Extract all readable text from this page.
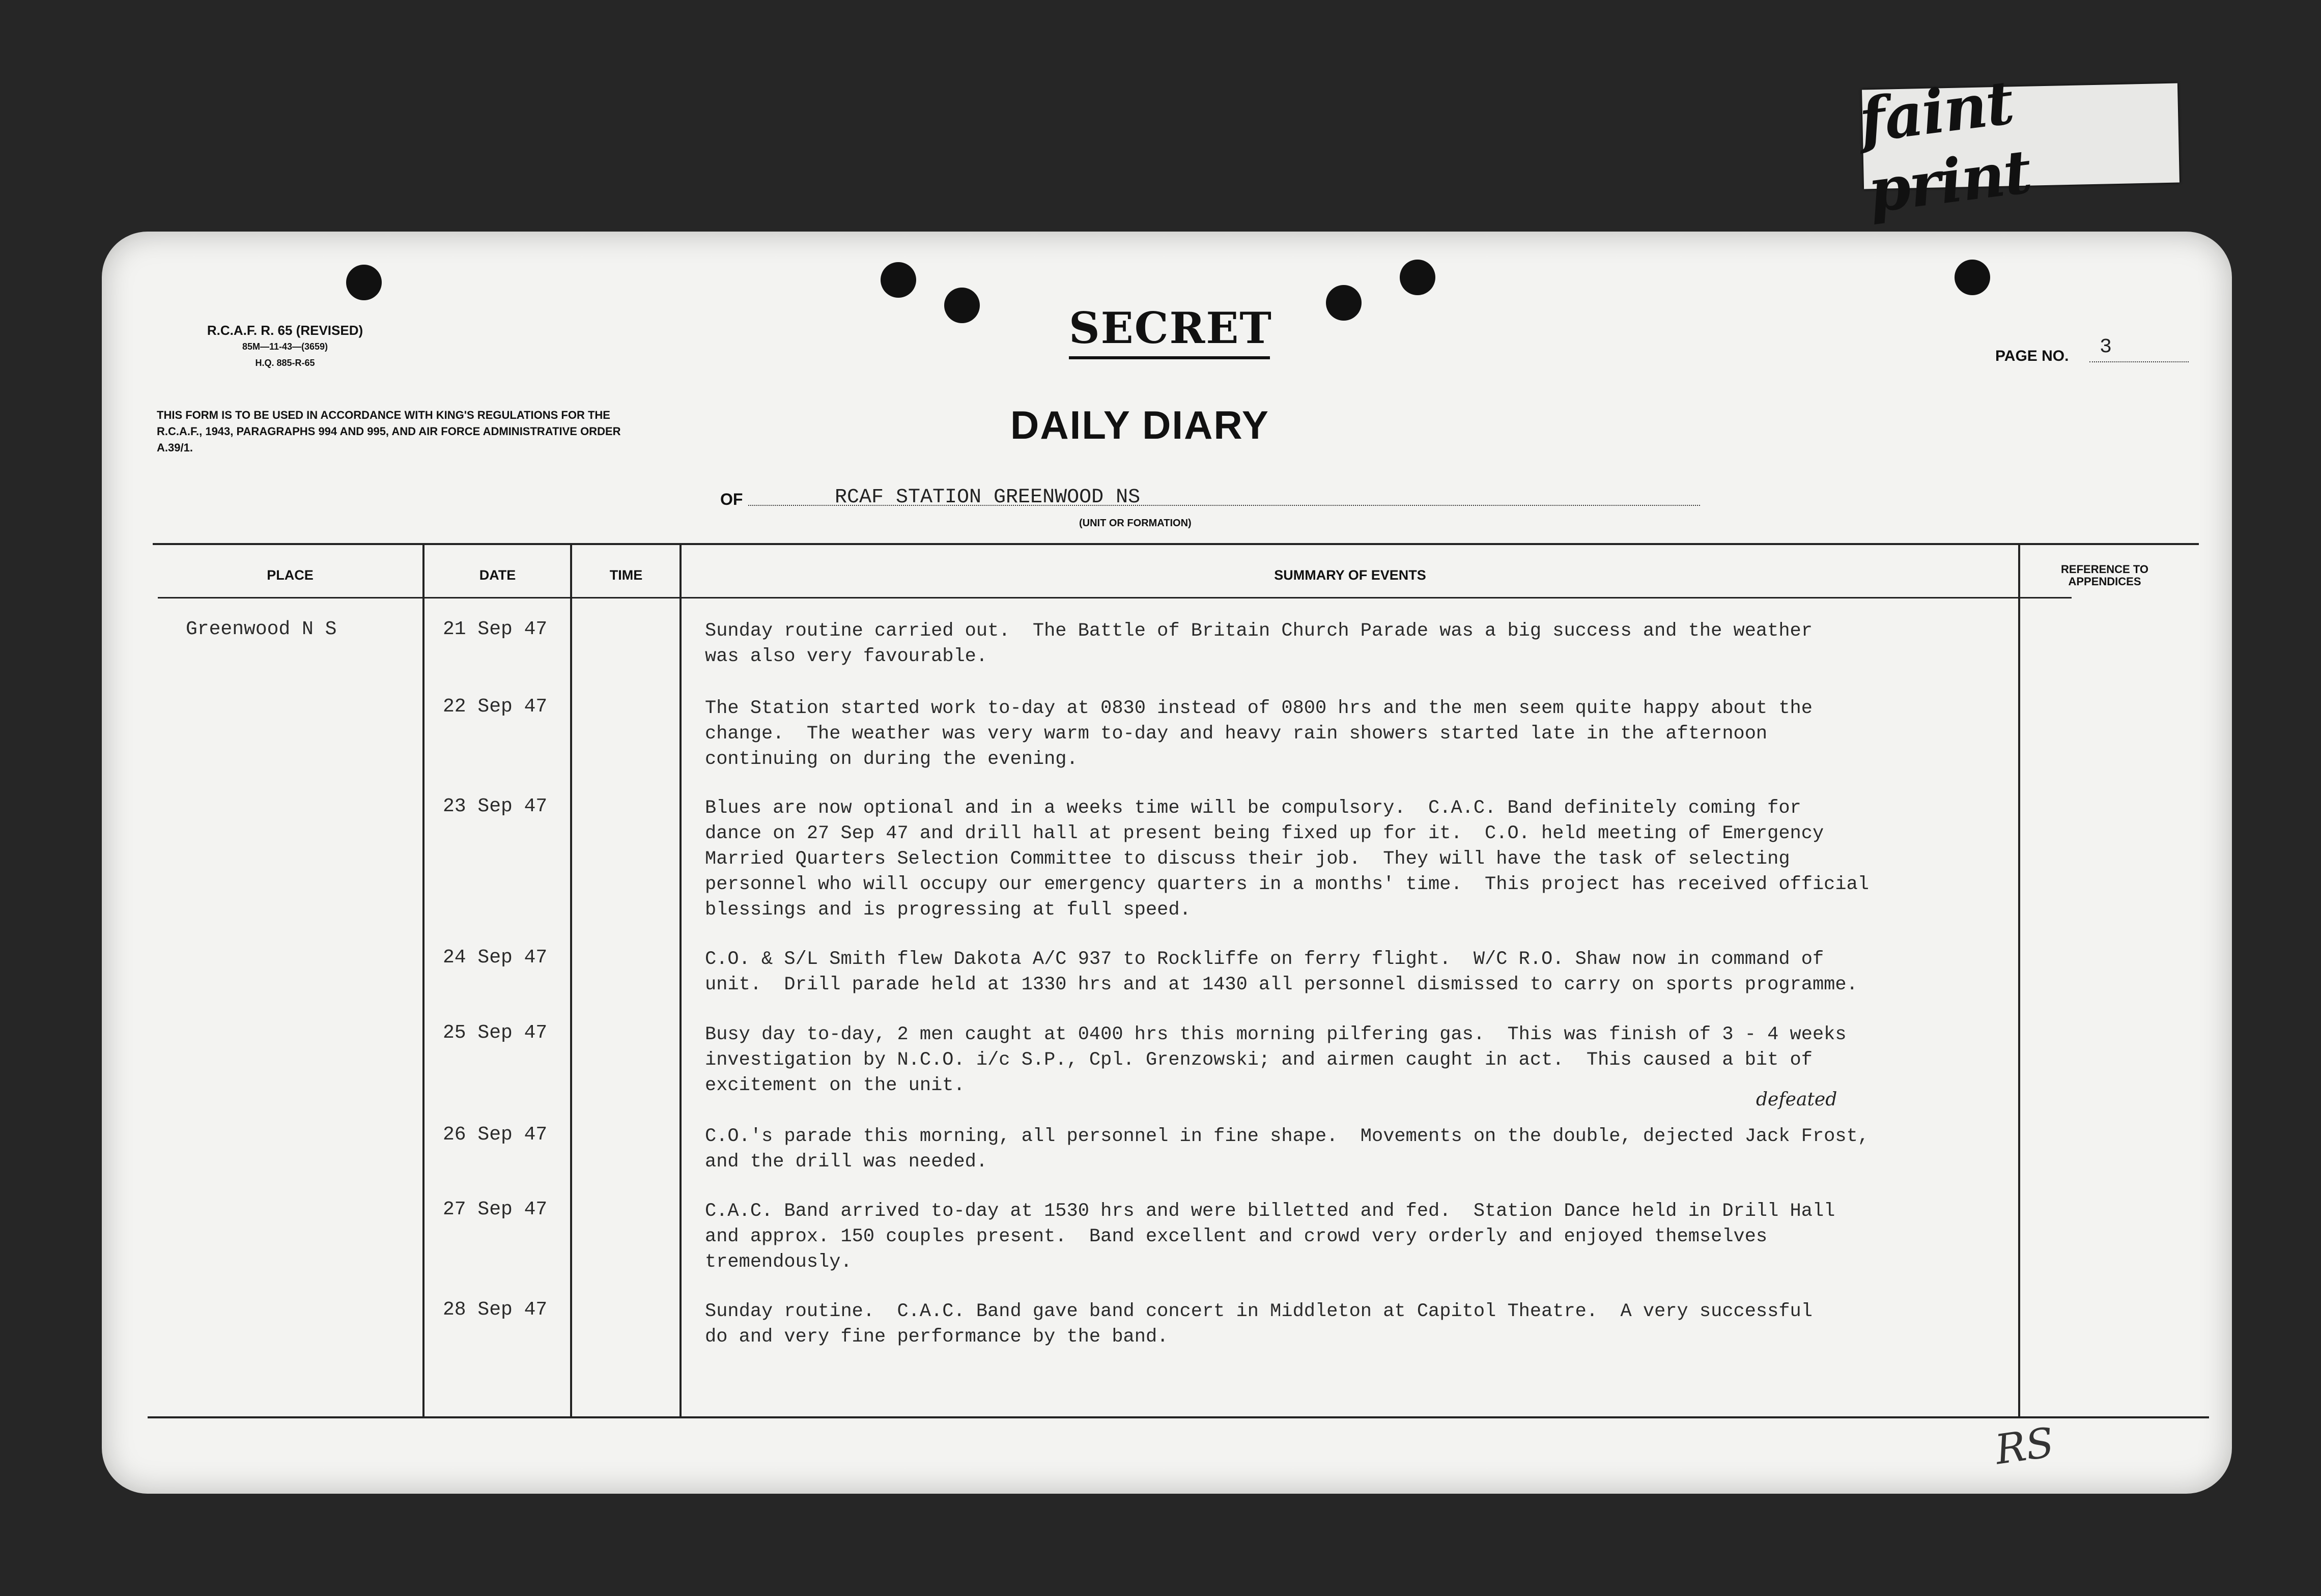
faint print
R.C.A.F. R. 65 (REVISED)
85M—11-43—(3659)
H.Q. 885-R-65
SECRET
PAGE NO. 3
THIS FORM IS TO BE USED IN ACCORDANCE WITH KING'S REGULATIONS FOR THE R.C.A.F., 1943, PARAGRAPHS 994 AND 995, AND AIR FORCE ADMINISTRATIVE ORDER A.39/1.
DAILY DIARY
OF	RCAF STATION GREENWOOD NS
(UNIT OR FORMATION)
PLACE	DATE	TIME	SUMMARY OF EVENTS	REFERENCE TO
APPENDICES
Greenwood N S	21 Sep 47	Sunday routine carried out.  The Battle of Britain Church Parade was a big success and the weather
was also very favourable.
22 Sep 47	The Station started work to-day at 0830 instead of 0800 hrs and the men seem quite happy about the
change.  The weather was very warm to-day and heavy rain showers started late in the afternoon
continuing on during the evening.
23 Sep 47	Blues are now optional and in a weeks time will be compulsory.  C.A.C. Band definitely coming for
dance on 27 Sep 47 and drill hall at present being fixed up for it.  C.O. held meeting of Emergency
Married Quarters Selection Committee to discuss their job.  They will have the task of selecting
personnel who will occupy our emergency quarters in a months' time.  This project has received official
blessings and is progressing at full speed.
24 Sep 47	C.O. & S/L Smith flew Dakota A/C 937 to Rockliffe on ferry flight.  W/C R.O. Shaw now in command of
unit.  Drill parade held at 1330 hrs and at 1430 all personnel dismissed to carry on sports programme.
25 Sep 47	Busy day to-day, 2 men caught at 0400 hrs this morning pilfering gas.  This was finish of 3 - 4 weeks
investigation by N.C.O. i/c S.P., Cpl. Grenzowski; and airmen caught in act.  This caused a bit of
excitement on the unit.
defeated
26 Sep 47	C.O.'s parade this morning, all personnel in fine shape.  Movements on the double, dejected Jack Frost,
and the drill was needed.
27 Sep 47	C.A.C. Band arrived to-day at 1530 hrs and were billetted and fed.  Station Dance held in Drill Hall
and approx. 150 couples present.  Band excellent and crowd very orderly and enjoyed themselves
tremendously.
28 Sep 47	Sunday routine.  C.A.C. Band gave band concert in Middleton at Capitol Theatre.  A very successful
do and very fine performance by the band.
RS
